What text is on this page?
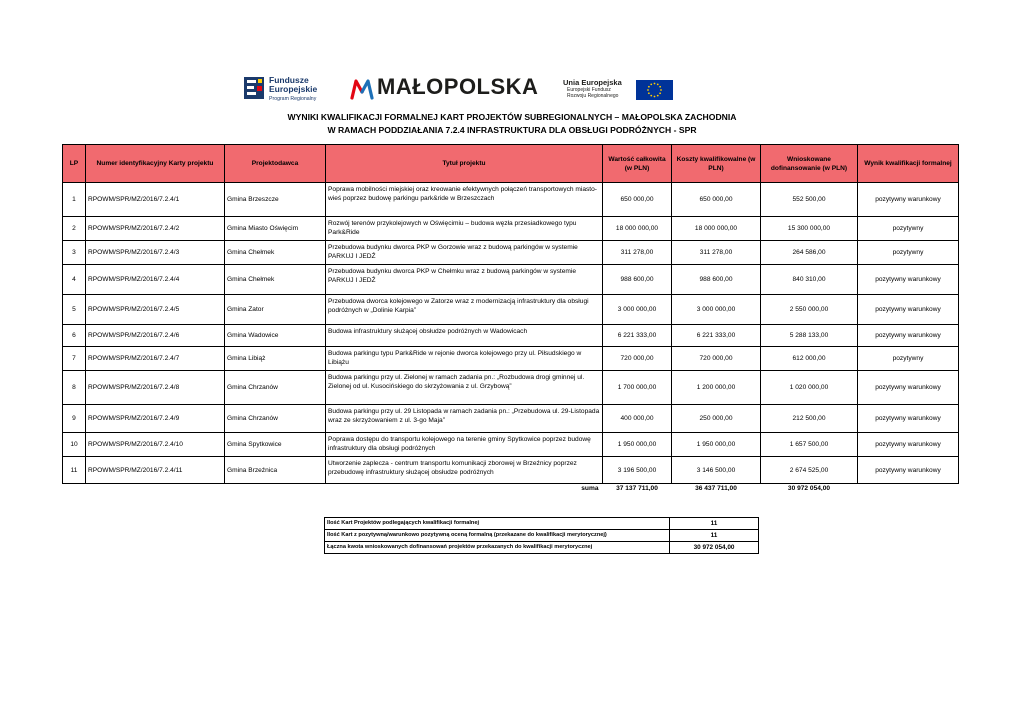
Fundusze
Europejskie
Program Regionalny	MAŁOPOLSKA	Unia Europejska
Europejski Fundusz
Rozwoju Regionalnego
WYNIKI KWALIFIKACJI FORMALNEJ KART PROJEKTÓW SUBREGIONALNYCH – MAŁOPOLSKA ZACHODNIA
W RAMACH PODDZIAŁANIA 7.2.4 INFRASTRUKTURA DLA OBSŁUGI PODRÓŻNYCH - SPR
LP	Numer identyfikacyjny Karty projektu	Projektodawca	Tytuł projektu	Wartość całkowita (w PLN)	Koszty kwalifikowalne (w PLN)	Wnioskowane dofinansowanie (w PLN)	Wynik kwalifikacji formalnej
1	RPOWM/SPR/MZ/2016/7.2.4/1	Gmina Brzeszcze	Poprawa mobilności miejskiej oraz kreowanie efektywnych połączeń transportowych miasto-wieś poprzez budowę parkingu park&ride w Brzeszczach	650 000,00	650 000,00	552 500,00	pozytywny warunkowy
2	RPOWM/SPR/MZ/2016/7.2.4/2	Gmina Miasto Oświęcim	Rozwój terenów przykolejowych w Oświęcimiu – budowa węzła przesiadkowego typu Park&Ride	18 000 000,00	18 000 000,00	15 300 000,00	pozytywny
3	RPOWM/SPR/MZ/2016/7.2.4/3	Gmina Chełmek	Przebudowa budynku dworca PKP w Gorzowie wraz z budową parkingów w systemie PARKUJ I JEDŹ	311 278,00	311 278,00	264 586,00	pozytywny
4	RPOWM/SPR/MZ/2016/7.2.4/4	Gmina Chełmek	Przebudowa budynku dworca PKP w Chełmku wraz z budową parkingów w systemie PARKUJ I JEDŹ	988 600,00	988 600,00	840 310,00	pozytywny warunkowy
5	RPOWM/SPR/MZ/2016/7.2.4/5	Gmina Zator	Przebudowa dworca kolejowego w Zatorze wraz z modernizacją infrastruktury dla obsługi podróżnych w „Dolinie Karpia”	3 000 000,00	3 000 000,00	2 550 000,00	pozytywny warunkowy
6	RPOWM/SPR/MZ/2016/7.2.4/6	Gmina Wadowice	Budowa infrastruktury służącej obsłudze podróżnych w Wadowicach	6 221 333,00	6 221 333,00	5 288 133,00	pozytywny warunkowy
7	RPOWM/SPR/MZ/2016/7.2.4/7	Gmina Libiąż	Budowa parkingu typu Park&Ride w rejonie dworca kolejowego przy ul. Piłsudskiego w Libiążu	720 000,00	720 000,00	612 000,00	pozytywny
8	RPOWM/SPR/MZ/2016/7.2.4/8	Gmina Chrzanów	Budowa parkingu przy ul. Zielonej w ramach zadania pn.: „Rozbudowa drogi gminnej ul. Zielonej od ul. Kusocińskiego do skrzyżowania z ul. Grzybową”	1 700 000,00	1 200 000,00	1 020 000,00	pozytywny warunkowy
9	RPOWM/SPR/MZ/2016/7.2.4/9	Gmina Chrzanów	Budowa parkingu przy ul. 29 Listopada w ramach zadania pn.: „Przebudowa ul. 29-Listopada wraz ze skrzyżowaniem z ul. 3-go Maja”	400 000,00	250 000,00	212 500,00	pozytywny warunkowy
10	RPOWM/SPR/MZ/2016/7.2.4/10	Gmina Spytkowice	Poprawa dostępu do transportu kolejowego na terenie gminy Spytkowice poprzez budowę infrastruktury dla obsługi podróżnych	1 950 000,00	1 950 000,00	1 657 500,00	pozytywny warunkowy
11	RPOWM/SPR/MZ/2016/7.2.4/11	Gmina Brzeźnica	Utworzenie zaplecza - centrum transportu komunikacji zborowej w Brzeźnicy poprzez przebudowę infrastruktury służącej obsłudze podróżnych	3 196 500,00	3 146 500,00	2 674 525,00	pozytywny warunkowy
suma				37 137 711,00	36 437 711,00	30 972 054,00	
Ilość Kart Projektów podlegających kwalifikacji formalnej	11
Ilość Kart z pozytywną/warunkowo pozytywną oceną formalną (przekazane do kwalifikacji merytorycznej)	11
Łączna kwota wnioskowanych dofinansowań projektów przekazanych do kwalifikacji merytorycznej	30 972 054,00
